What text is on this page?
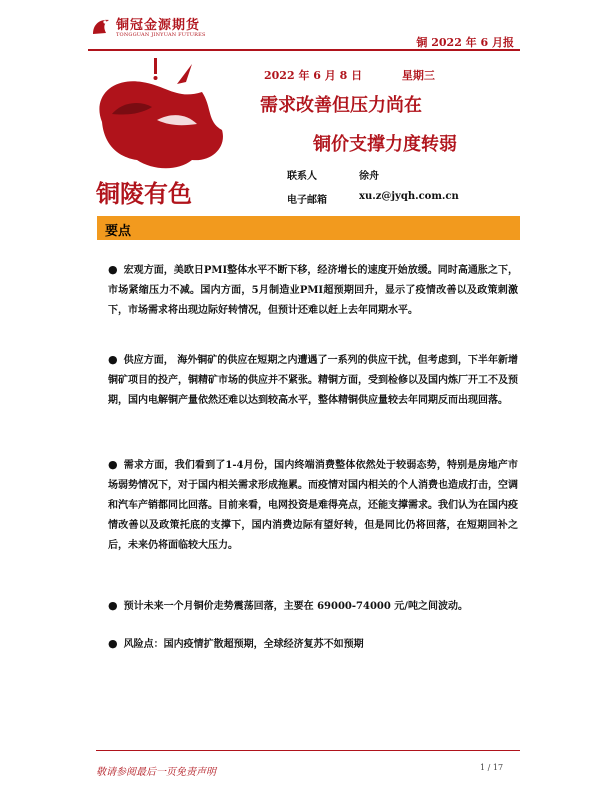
铜冠金源期货
TONGGUAN JINYUAN FUTURES
铜 2022 年 6 月报
铜陵有色
2022 年 6 月 8 日	星期三
需求改善但压力尚在
铜价支撑力度转弱
联系人	徐舟
电子邮箱	xu.z@jyqh.com.cn
要点
● 宏观方面，美欧日PMI整体水平不断下移，经济增长的速度开始放缓。同时高通胀之下，市场紧缩压力不减。国内方面，5月制造业PMI超预期回升，显示了疫情改善以及政策刺激下，市场需求将出现边际好转情况，但预计还难以赶上去年同期水平。
● 供应方面， 海外铜矿的供应在短期之内遭遇了一系列的供应干扰，但考虑到，下半年新增铜矿项目的投产，铜精矿市场的供应并不紧张。精铜方面，受到检修以及国内炼厂开工不及预期，国内电解铜产量依然还难以达到较高水平，整体精铜供应量较去年同期反而出现回落。
● 需求方面，我们看到了1-4月份，国内终端消费整体依然处于较弱态势，特别是房地产市场弱势情况下，对于国内相关需求形成拖累。而疫情对国内相关的个人消费也造成打击，空调和汽车产销都同比回落。目前来看，电网投资是难得亮点，还能支撑需求。我们认为在国内疫情改善以及政策托底的支撑下，国内消费边际有望好转，但是同比仍将回落，在短期回补之后，未来仍将面临较大压力。
● 预计未来一个月铜价走势震荡回落，主要在 69000-74000 元/吨之间波动。
● 风险点：国内疫情扩散超预期，全球经济复苏不如预期
敬请参阅最后一页免责声明	1 / 17
